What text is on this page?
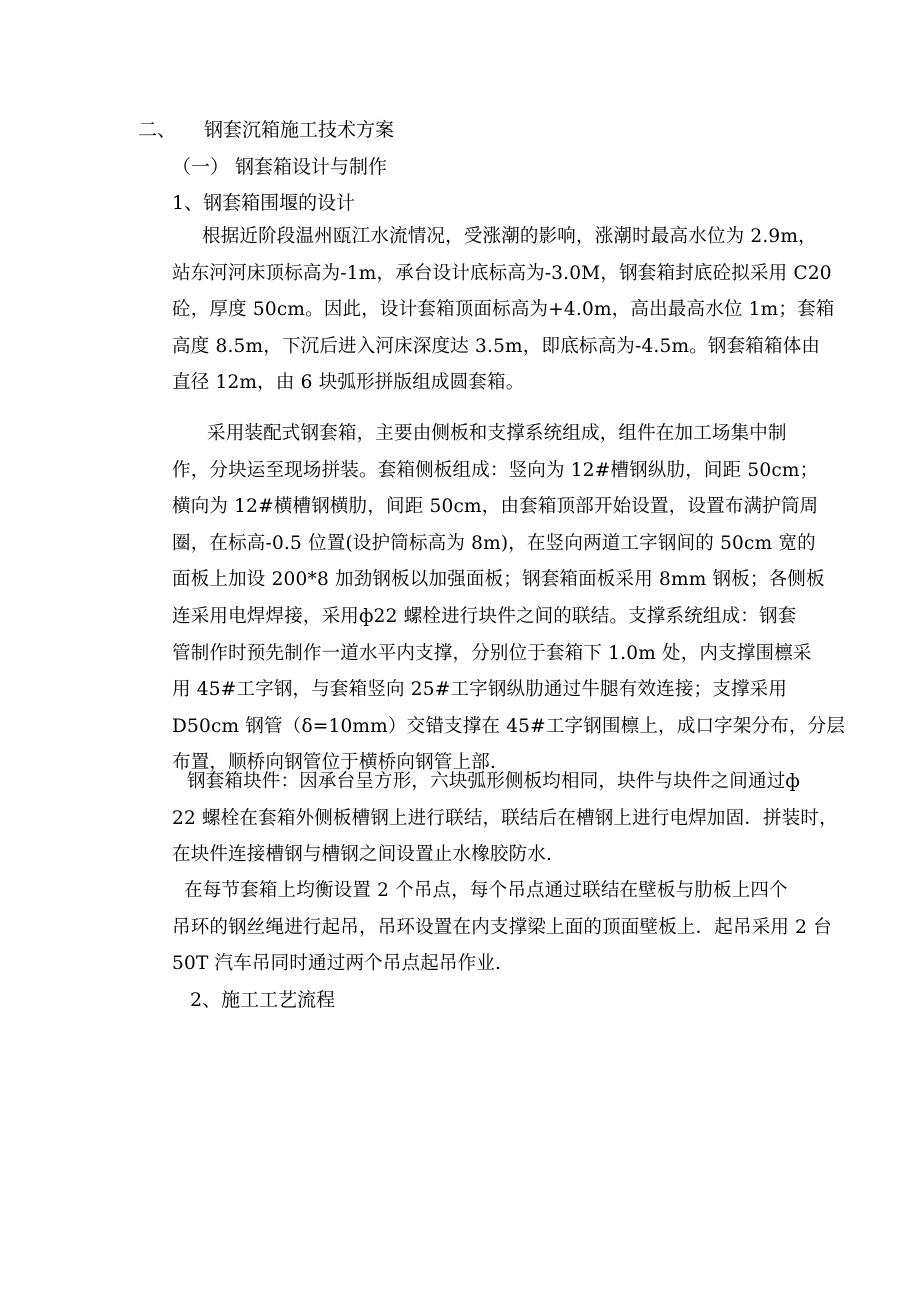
二、 钢套沉箱施工技术方案
（一） 钢套箱设计与制作
1、钢套箱围堰的设计
根据近阶段温州瓯江水流情况，受涨潮的影响，涨潮时最高水位为 2.9m，
站东河河床顶标高为-1m，承台设计底标高为-3.0M，钢套箱封底砼拟采用 C20
砼，厚度 50cm。因此，设计套箱顶面标高为+4.0m，高出最高水位 1m；套箱
高度 8.5m，下沉后进入河床深度达 3.5m，即底标高为-4.5m。钢套箱箱体由
直径 12m，由 6 块弧形拼版组成圆套箱。
采用装配式钢套箱，主要由侧板和支撑系统组成，组件在加工场集中制
作，分块运至现场拼装。套箱侧板组成：竖向为 12#槽钢纵肋，间距 50cm；
横向为 12#横槽钢横肋，间距 50cm，由套箱顶部开始设置，设置布满护筒周
圈，在标高-0.5 位置(设护筒标高为 8m)，在竖向两道工字钢间的 50cm 宽的
面板上加设 200*8 加劲钢板以加强面板；钢套箱面板采用 8mm 钢板；各侧板
连采用电焊焊接，采用ф22 螺栓进行块件之间的联结。支撑系统组成：钢套
管制作时预先制作一道水平内支撑，分别位于套箱下 1.0m 处，内支撑围檩采
用 45#工字钢，与套箱竖向 25#工字钢纵肋通过牛腿有效连接；支撑采用
D50cm 钢管（δ=10mm）交错支撑在 45#工字钢围檩上，成口字架分布，分层
布置，顺桥向钢管位于横桥向钢管上部.
钢套箱块件：因承台呈方形，六块弧形侧板均相同，块件与块件之间通过ф
22 螺栓在套箱外侧板槽钢上进行联结，联结后在槽钢上进行电焊加固．拼装时，
在块件连接槽钢与槽钢之间设置止水橡胶防水.
在每节套箱上均衡设置 2 个吊点，每个吊点通过联结在壁板与肋板上四个
吊环的钢丝绳进行起吊，吊环设置在内支撑梁上面的顶面壁板上．起吊采用 2 台
50T 汽车吊同时通过两个吊点起吊作业.
2、施工工艺流程
